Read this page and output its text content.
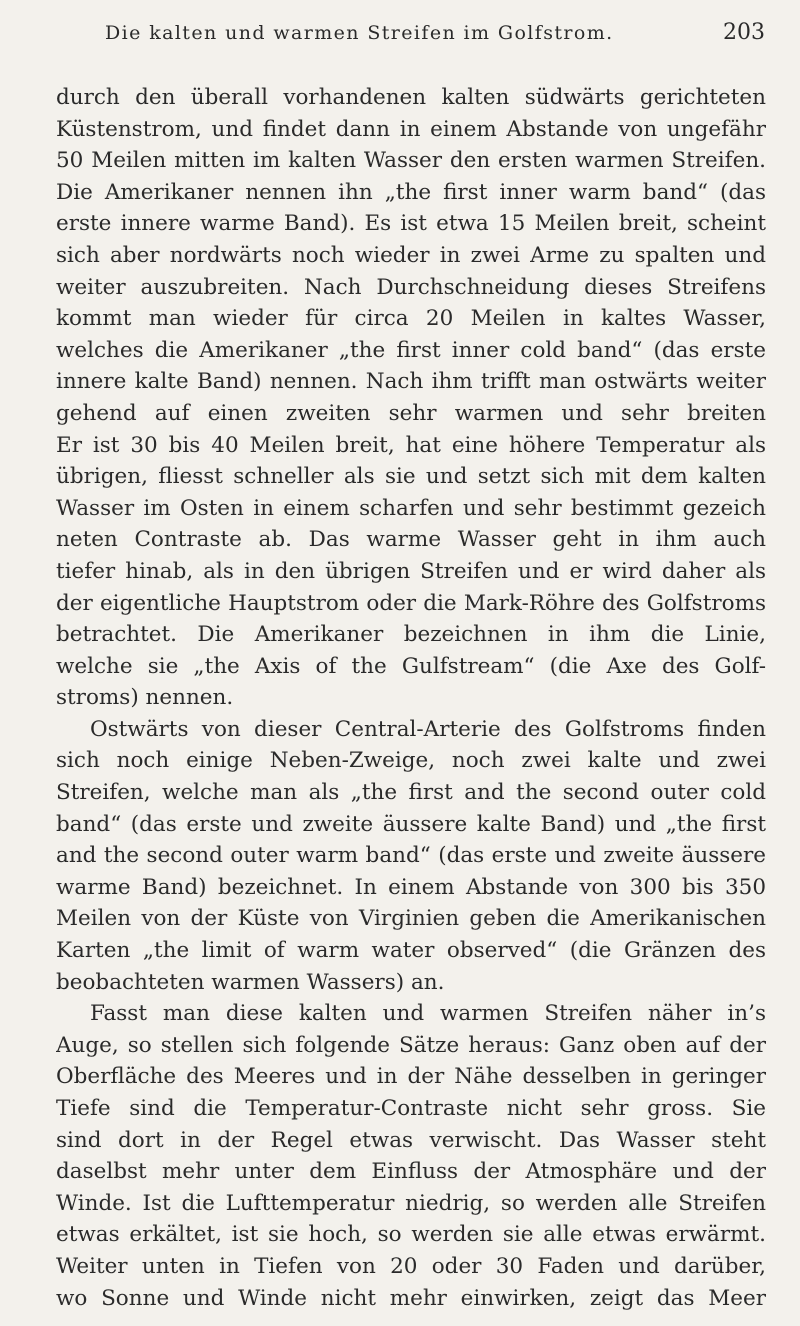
Die kalten und warmen Streifen im Golfstrom.	203
durch den überall vorhandenen kalten südwärts gerichteten
Küstenstrom, und findet dann in einem Abstande von ungefähr
50 Meilen mitten im kalten Wasser den ersten warmen Streifen.
Die Amerikaner nennen ihn „the first inner warm band“ (das
erste innere warme Band). Es ist etwa 15 Meilen breit, scheint
sich aber nordwärts noch wieder in zwei Arme zu spalten und
weiter auszubreiten. Nach Durchschneidung dieses Streifens
kommt man wieder für circa 20 Meilen in kaltes Wasser,
welches die Amerikaner „the first inner cold band“ (das erste
innere kalte Band) nennen. Nach ihm trifft man ostwärts weiter
gehend auf einen zweiten sehr warmen und sehr breiten
Er ist 30 bis 40 Meilen breit, hat eine höhere Temperatur als
übrigen, fliesst schneller als sie und setzt sich mit dem kalten
Wasser im Osten in einem scharfen und sehr bestimmt gezeich
neten Contraste ab. Das warme Wasser geht in ihm auch
tiefer hinab, als in den übrigen Streifen und er wird daher als
der eigentliche Hauptstrom oder die Mark-Röhre des Golfstroms
betrachtet. Die Amerikaner bezeichnen in ihm die Linie,
welche sie „the Axis of the Gulfstream“ (die Axe des Golf-
stroms) nennen.
Ostwärts von dieser Central-Arterie des Golfstroms finden
sich noch einige Neben-Zweige, noch zwei kalte und zwei
Streifen, welche man als „the first and the second outer cold
band“ (das erste und zweite äussere kalte Band) und „the first
and the second outer warm band“ (das erste und zweite äussere
warme Band) bezeichnet. In einem Abstande von 300 bis 350
Meilen von der Küste von Virginien geben die Amerikanischen
Karten „the limit of warm water observed“ (die Gränzen des
beobachteten warmen Wassers) an.
Fasst man diese kalten und warmen Streifen näher in’s
Auge, so stellen sich folgende Sätze heraus: Ganz oben auf der
Oberfläche des Meeres und in der Nähe desselben in geringer
Tiefe sind die Temperatur-Contraste nicht sehr gross. Sie
sind dort in der Regel etwas verwischt. Das Wasser steht
daselbst mehr unter dem Einfluss der Atmosphäre und der
Winde. Ist die Lufttemperatur niedrig, so werden alle Streifen
etwas erkältet, ist sie hoch, so werden sie alle etwas erwärmt.
Weiter unten in Tiefen von 20 oder 30 Faden und darüber,
wo Sonne und Winde nicht mehr einwirken, zeigt das Meer
